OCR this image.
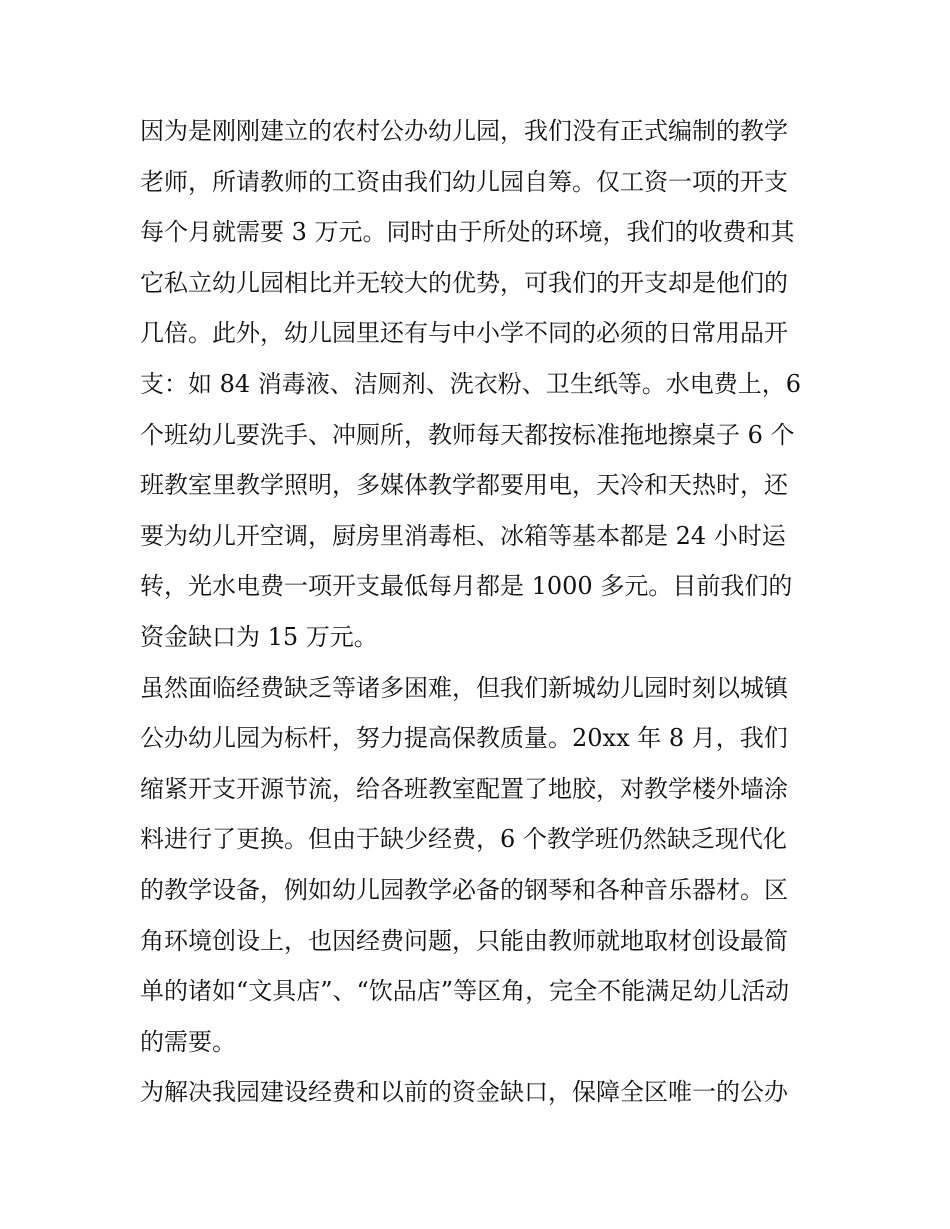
因为是刚刚建立的农村公办幼儿园，我们没有正式编制的教学
老师，所请教师的工资由我们幼儿园自筹。仅工资一项的开支
每个月就需要 3 万元。同时由于所处的环境，我们的收费和其
它私立幼儿园相比并无较大的优势，可我们的开支却是他们的
几倍。此外，幼儿园里还有与中小学不同的必须的日常用品开
支：如 84 消毒液、洁厕剂、洗衣粉、卫生纸等。水电费上，6
个班幼儿要洗手、冲厕所，教师每天都按标准拖地擦桌子 6 个
班教室里教学照明，多媒体教学都要用电，天冷和天热时，还
要为幼儿开空调，厨房里消毒柜、冰箱等基本都是 24 小时运
转，光水电费一项开支最低每月都是 1000 多元。目前我们的
资金缺口为 15 万元。
虽然面临经费缺乏等诸多困难，但我们新城幼儿园时刻以城镇
公办幼儿园为标杆，努力提高保教质量。20xx 年 8 月，我们
缩紧开支开源节流，给各班教室配置了地胶，对教学楼外墙涂
料进行了更换。但由于缺少经费，6 个教学班仍然缺乏现代化
的教学设备，例如幼儿园教学必备的钢琴和各种音乐器材。区
角环境创设上，也因经费问题，只能由教师就地取材创设最简
单的诸如“文具店”、“饮品店”等区角，完全不能满足幼儿活动
的需要。
为解决我园建设经费和以前的资金缺口，保障全区唯一的公办
